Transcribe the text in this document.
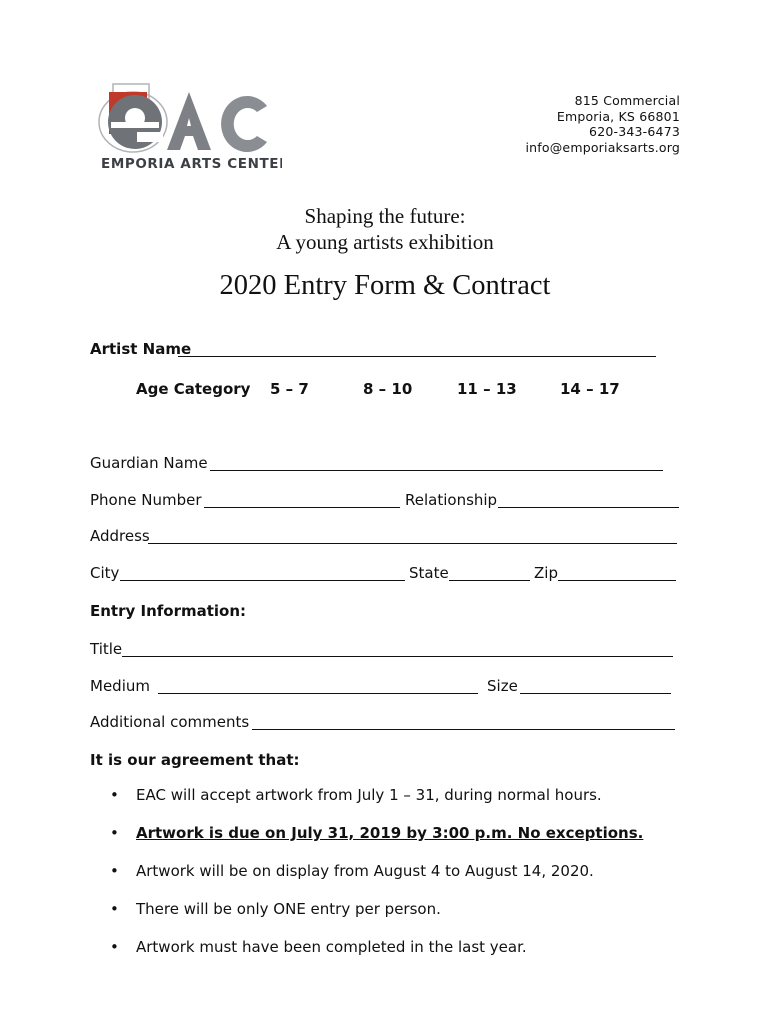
EMPORIA ARTS CENTER
815 Commercial
Emporia, KS 66801
620-343-6473
info@emporiaksarts.org
Shaping the future:
A young artists exhibition
2020 Entry Form & Contract
Artist Name
Age Category 5 – 7	8 – 10	11 – 13	14 – 17
Guardian Name
Phone Number	Relationship
Address
City	State	Zip
Entry Information:
Title
Medium	Size
Additional comments
It is our agreement that:
• EAC will accept artwork from July 1 – 31, during normal hours.
• Artwork is due on July 31, 2019 by 3:00 p.m. No exceptions.
• Artwork will be on display from August 4 to August 14, 2020.
• There will be only ONE entry per person.
• Artwork must have been completed in the last year.
